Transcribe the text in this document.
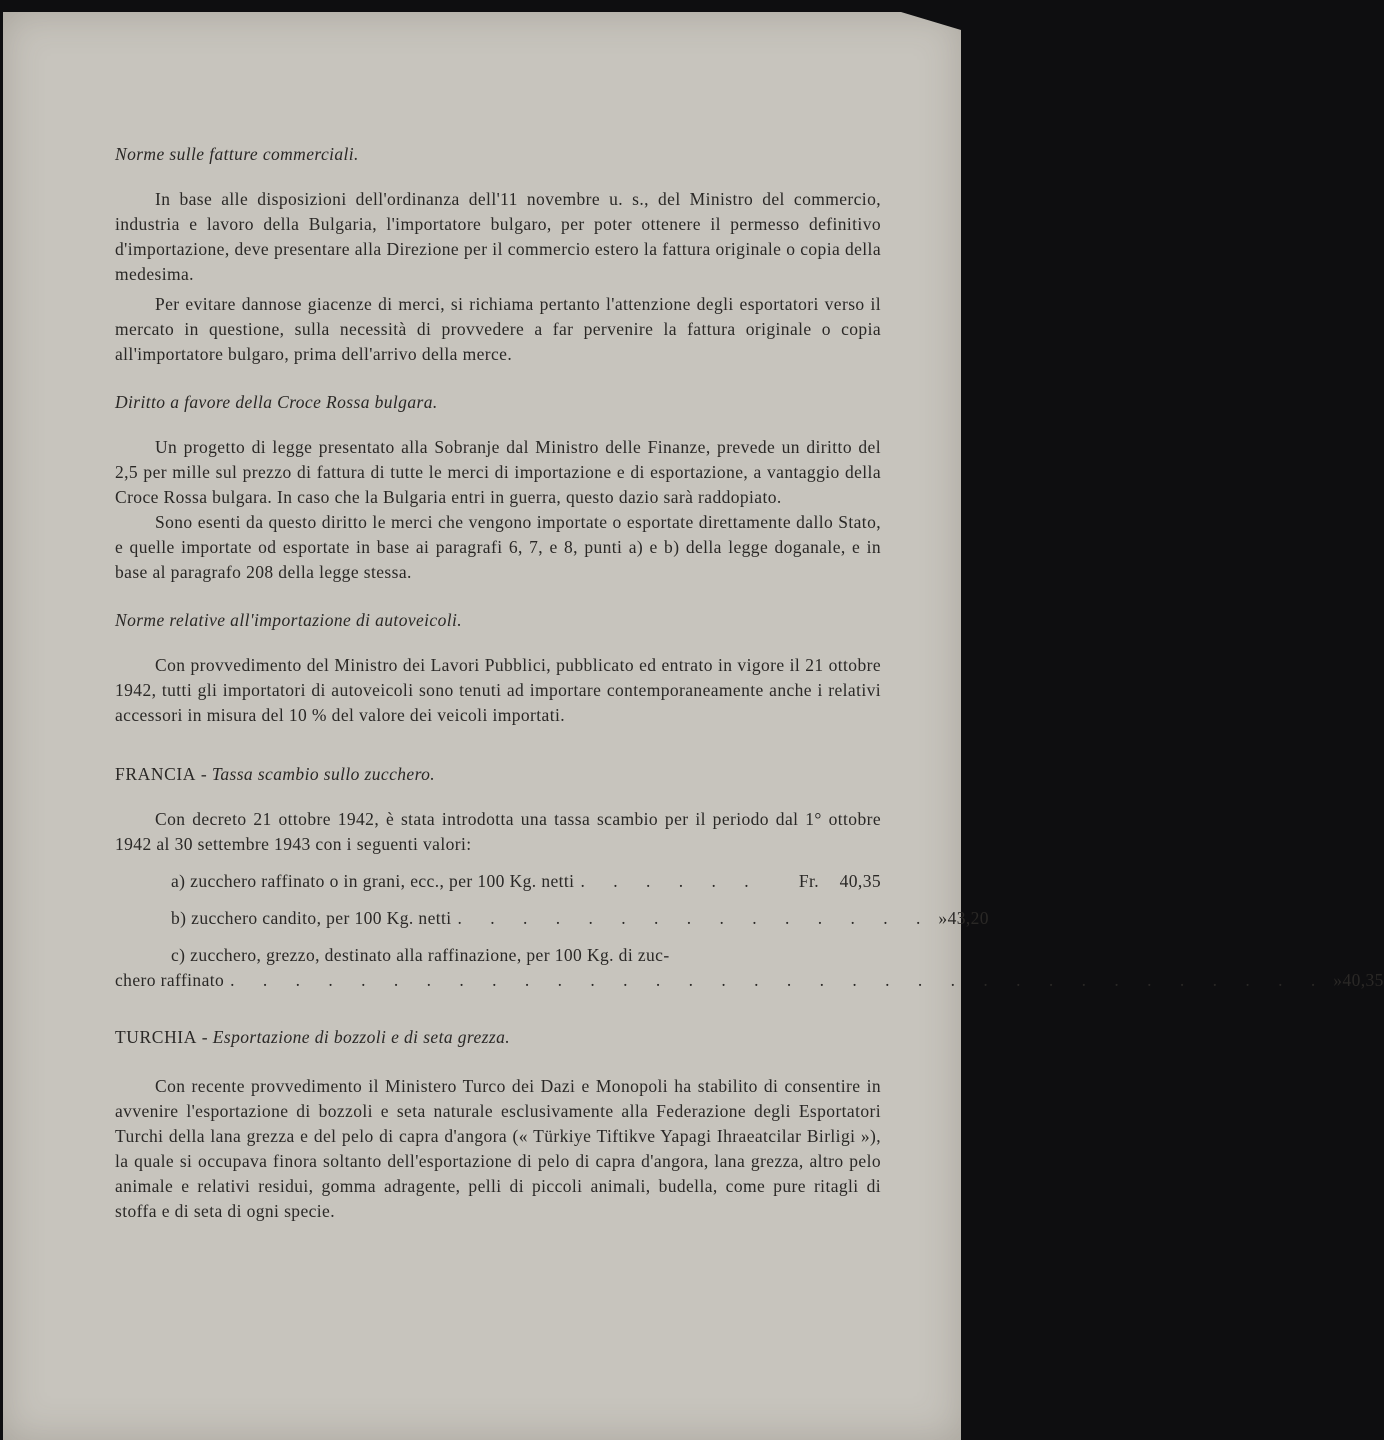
Norme sulle fatture commerciali.

In base alle disposizioni dell'ordinanza dell'11 novembre u. s., del Ministro del commercio, industria e lavoro della Bulgaria, l'importatore bulgaro, per poter ottenere il permesso definitivo d'importazione, deve presentare alla Direzione per il commercio estero la fattura originale o copia della medesima.

Per evitare dannose giacenze di merci, si richiama pertanto l'attenzione degli esportatori verso il mercato in questione, sulla necessità di provvedere a far pervenire la fattura originale o copia all'importatore bulgaro, prima dell'arrivo della merce.

Diritto a favore della Croce Rossa bulgara.

Un progetto di legge presentato alla Sobranje dal Ministro delle Finanze, prevede un diritto del 2,5 per mille sul prezzo di fattura di tutte le merci di importazione e di esportazione, a vantaggio della Croce Rossa bulgara. In caso che la Bulgaria entri in guerra, questo dazio sarà raddopiato.

Sono esenti da questo diritto le merci che vengono importate o esportate direttamente dallo Stato, e quelle importate od esportate in base ai paragrafi 6, 7, e 8, punti a) e b) della legge doganale, e in base al paragrafo 208 della legge stessa.

Norme relative all'importazione di autoveicoli.

Con provvedimento del Ministro dei Lavori Pubblici, pubblicato ed entrato in vigore il 21 ottobre 1942, tutti gli importatori di autoveicoli sono tenuti ad importare contemporaneamente anche i relativi accessori in misura del 10 % del valore dei veicoli importati.

FRANCIA - Tassa scambio sullo zucchero.

Con decreto 21 ottobre 1942, è stata introdotta una tassa scambio per il periodo dal 1° ottobre 1942 al 30 settembre 1943 con i seguenti valori:

a) zucchero raffinato o in grani, ecc., per 100 Kg. netti . . . . . .	Fr.	40,35
b) zucchero candito, per 100 Kg. netti . . . . . . . . . . . . . . . » 43,20
c) zucchero, grezzo, destinato alla raffinazione, per 100 Kg. di zuc-
chero raffinato . . . . . . . . . . . . . . . . . . . . . . . . . . . . . . . . . . » 40,35
TURCHIA - Esportazione di bozzoli e di seta grezza.

Con recente provvedimento il Ministero Turco dei Dazi e Monopoli ha stabilito di consentire in avvenire l'esportazione di bozzoli e seta naturale esclusivamente alla Federazione degli Esportatori Turchi della lana grezza e del pelo di capra d'angora (« Türkiye Tiftikve Yapagi Ihraeatcilar Birligi »), la quale si occupava finora soltanto dell'esportazione di pelo di capra d'angora, lana grezza, altro pelo animale e relativi residui, gomma adragente, pelli di piccoli animali, budella, come pure ritagli di stoffa e di seta di ogni specie.
